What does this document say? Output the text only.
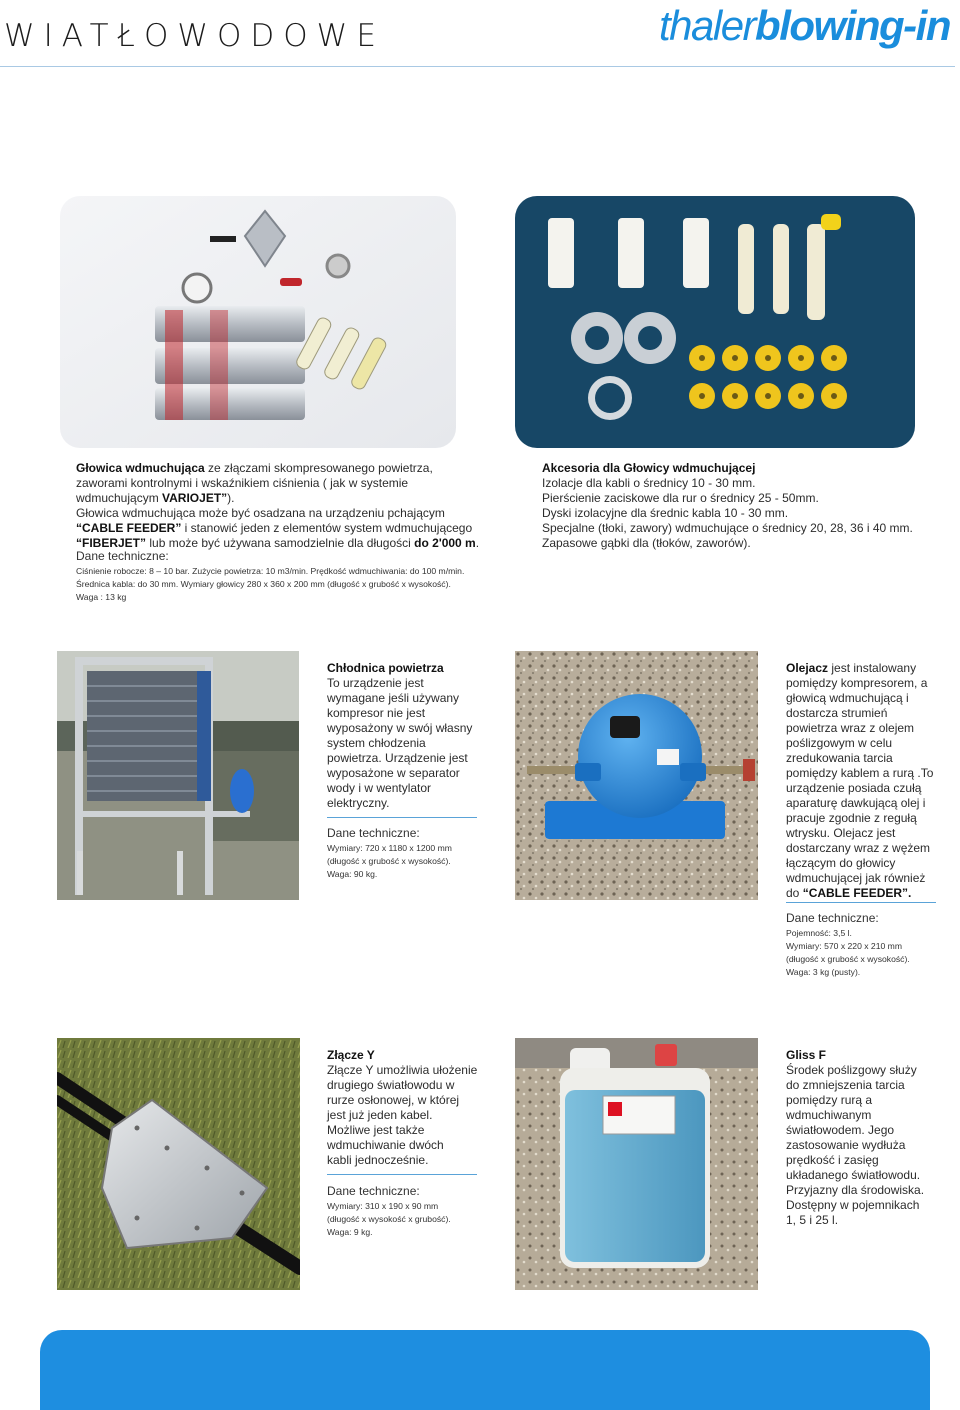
WIATŁOWODOWE	thalerblowing-in

Głowica wdmuchująca ze złączami skompresowanego powietrza, zaworami kontrolnymi i wskaźnikiem ciśnienia ( jak w systemie wdmuchującym VARIOJET”).

Głowica wdmuchująca może być osadzana na urządzeniu pchającym “CABLE FEEDER” i stanowić jeden z elementów system wdmuchującego “FIBERJET” lub może być używana samodzielnie dla długości do 2'000 m.

Dane techniczne:

Ciśnienie robocze: 8 – 10 bar. Zużycie powietrza: 10 m3/min. Prędkość wdmuchiwania: do 100 m/min.

Średnica kabla: do 30 mm. Wymiary głowicy 280 x 360 x 200 mm (długość x grubość x wysokość).

Waga : 13 kg

Akcesoria dla Głowicy wdmuchującej

Izolacje dla kabli o średnicy 10 - 30 mm.

Pierścienie zaciskowe dla rur o średnicy 25 - 50mm.

Dyski izolacyjne dla średnic kabla 10 - 30 mm.

Specjalne (tłoki, zawory) wdmuchujące o średnicy 20, 28, 36 i 40 mm.

Zapasowe gąbki dla (tłoków, zaworów).

Chłodnica powietrza

To urządzenie jest

wymagane jeśli używany

kompresor nie jest

wyposażony w swój własny

system chłodzenia

powietrza. Urządzenie jest

wyposażone w separator

wody i w wentylator

elektryczny.

Dane techniczne:

Wymiary: 720 x 1180 x 1200 mm

(długość x grubość x wysokość).

Waga: 90 kg.

Olejacz jest instalowany

pomiędzy kompresorem, a

głowicą wdmuchującą i

dostarcza strumień

powietrza wraz z olejem

poślizgowym w celu

zredukowania tarcia

pomiędzy kablem a rurą .To

urządzenie posiada czułą

aparaturę dawkującą olej i

pracuje zgodnie z regułą

wtrysku. Olejacz jest

dostarczany wraz z wężem

łączącym do głowicy

wdmuchującej jak również

do “CABLE FEEDER”.

Dane techniczne:

Pojemność: 3,5 l.

Wymiary: 570 x 220 x 210 mm

(długość x grubość x wysokość).

Waga: 3 kg (pusty).

Złącze Y

Złącze Y umożliwia ułożenie

drugiego światłowodu w

rurze osłonowej, w której

jest już jeden kabel.

Możliwe jest także

wdmuchiwanie dwóch

kabli jednocześnie.

Dane techniczne:

Wymiary: 310 x 190 x 90 mm

(długość x wysokość x grubość).

Waga: 9 kg.

Gliss F

Środek poślizgowy służy

do zmniejszenia tarcia

pomiędzy rurą a

wdmuchiwanym

światłowodem. Jego

zastosowanie wydłuża

prędkość i zasięg

układanego światłowodu.

Przyjazny dla środowiska.

Dostępny w pojemnikach

1, 5 i 25 l.
